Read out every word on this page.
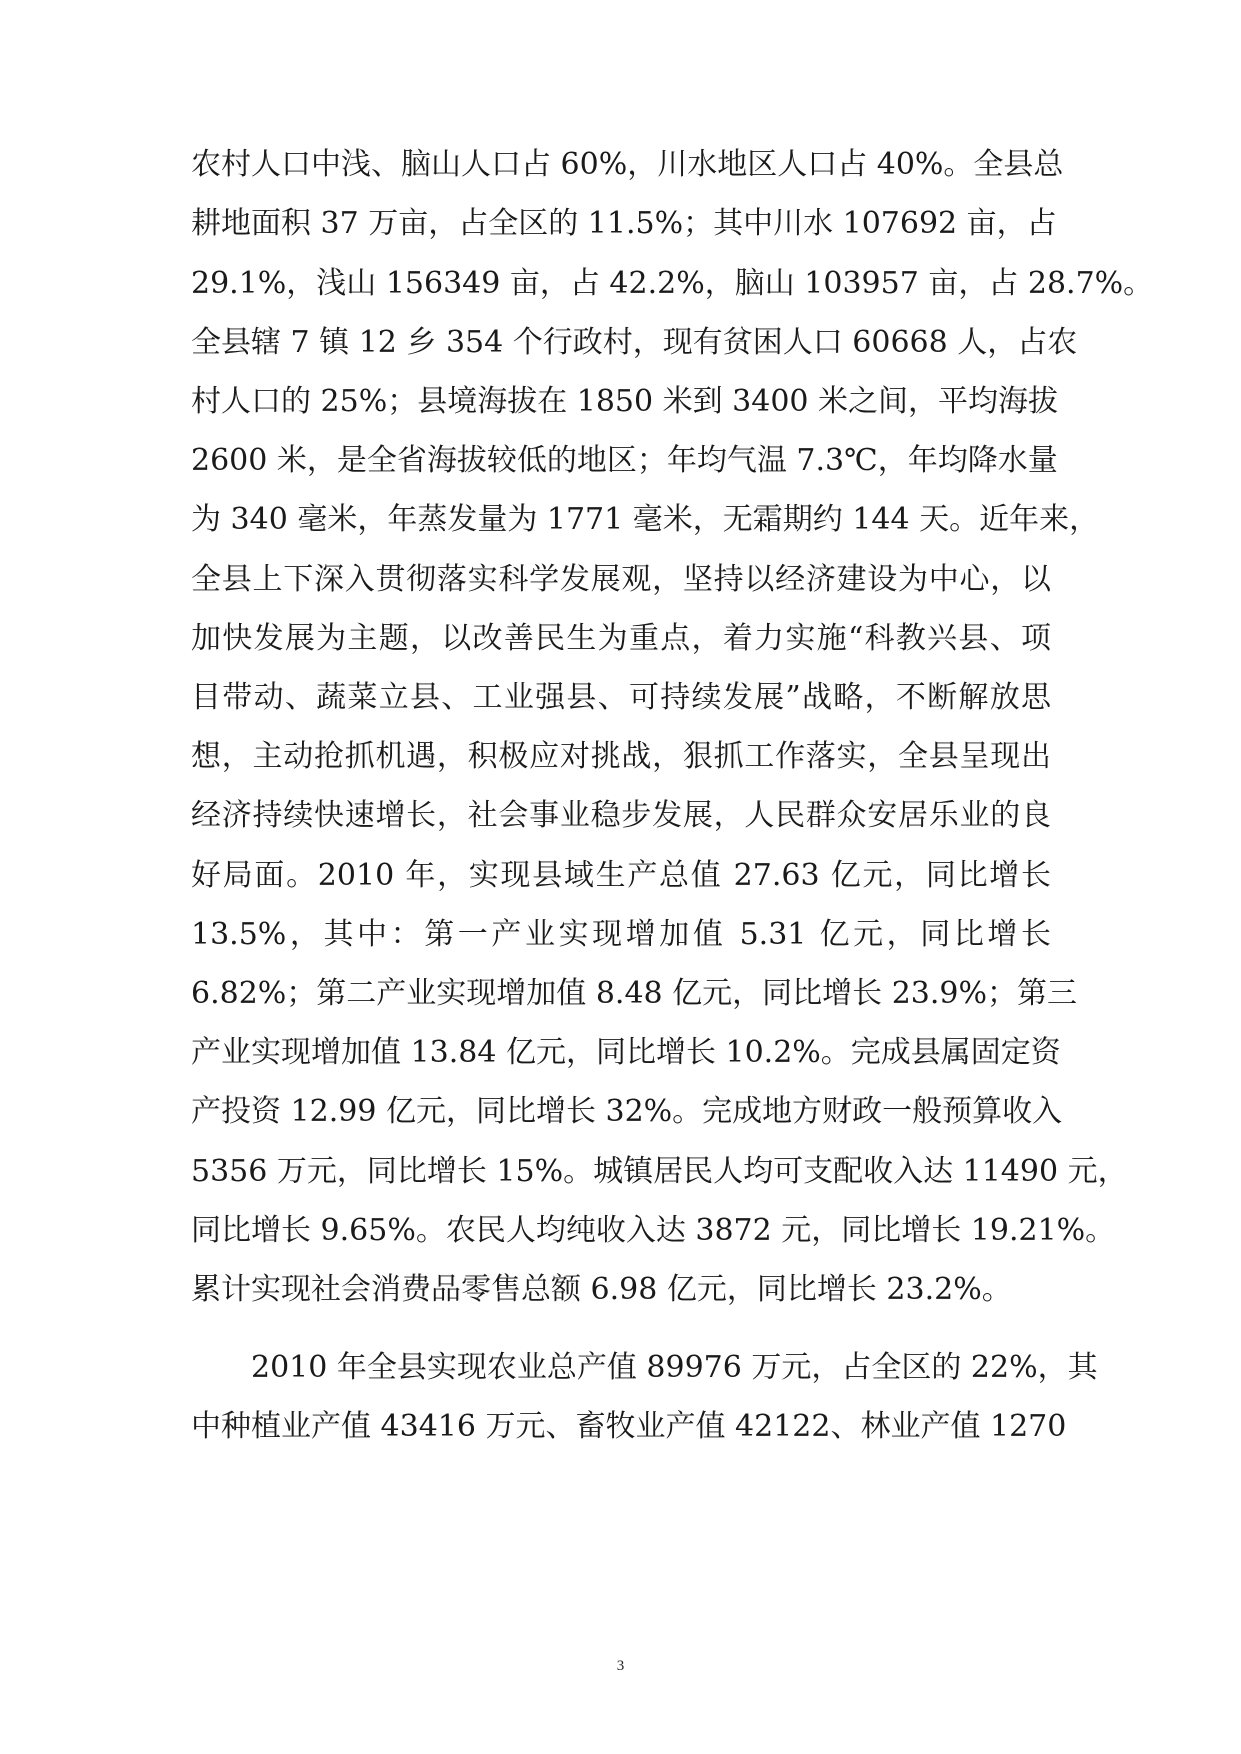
农村人口中浅、脑山人口占 60%，川水地区人口占 40%。全县总
耕地面积 37 万亩，占全区的 11.5%；其中川水 107692 亩，占
29.1%，浅山 156349 亩，占 42.2%，脑山 103957 亩，占 28.7%。
全县辖 7 镇 12 乡 354 个行政村，现有贫困人口 60668 人，占农
村人口的 25%；县境海拔在 1850 米到 3400 米之间，平均海拔
2600 米，是全省海拔较低的地区；年均气温 7.3℃，年均降水量
为 340 毫米，年蒸发量为 1771 毫米，无霜期约 144 天。近年来，
全县上下深入贯彻落实科学发展观，坚持以经济建设为中心，以
加快发展为主题，以改善民生为重点，着力实施“科教兴县、项
目带动、蔬菜立县、工业强县、可持续发展”战略，不断解放思
想，主动抢抓机遇，积极应对挑战，狠抓工作落实，全县呈现出
经济持续快速增长，社会事业稳步发展，人民群众安居乐业的良
好局面。2010 年，实现县域生产总值 27.63 亿元，同比增长
13.5%，其中：第一产业实现增加值 5.31 亿元，同比增长
6.82%；第二产业实现增加值 8.48 亿元，同比增长 23.9%；第三
产业实现增加值 13.84 亿元，同比增长 10.2%。完成县属固定资
产投资 12.99 亿元，同比增长 32%。完成地方财政一般预算收入
5356 万元，同比增长 15%。城镇居民人均可支配收入达 11490 元，
同比增长 9.65%。农民人均纯收入达 3872 元，同比增长 19.21%。
累计实现社会消费品零售总额 6.98 亿元，同比增长 23.2%。
2010 年全县实现农业总产值 89976 万元，占全区的 22%，其
中种植业产值 43416 万元、畜牧业产值 42122、林业产值 1270
3
